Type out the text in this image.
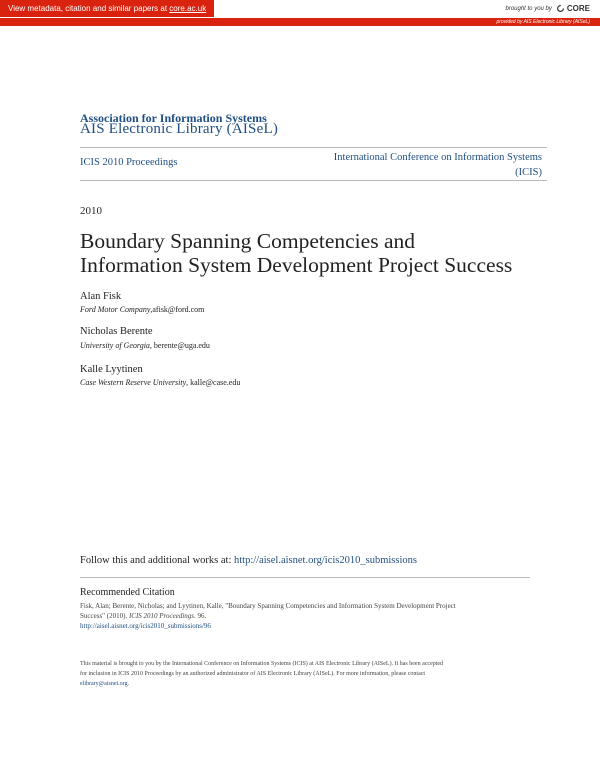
View metadata, citation and similar papers at core.ac.uk	brought to you by CORE
provided by AIS Electronic Library (AISeL)
Association for Information Systems
AIS Electronic Library (AISeL)
ICIS 2010 Proceedings	International Conference on Information Systems
(ICIS)
2010
Boundary Spanning Competencies and
Information System Development Project Success
Alan Fisk
Ford Motor Company,afisk@ford.com
Nicholas Berente
University of Georgia, berente@uga.edu
Kalle Lyytinen
Case Western Reserve University, kalle@case.edu
Follow this and additional works at: http://aisel.aisnet.org/icis2010_submissions
Recommended Citation
Fisk, Alan; Berente, Nicholas; and Lyytinen, Kalle, "Boundary Spanning Competencies and Information System Development Project
Success" (2010). ICIS 2010 Proceedings. 96.
http://aisel.aisnet.org/icis2010_submissions/96
This material is brought to you by the International Conference on Information Systems (ICIS) at AIS Electronic Library (AISeL). It has been accepted
for inclusion in ICIS 2010 Proceedings by an authorized administrator of AIS Electronic Library (AISeL). For more information, please contact
elibrary@aisnet.org.
